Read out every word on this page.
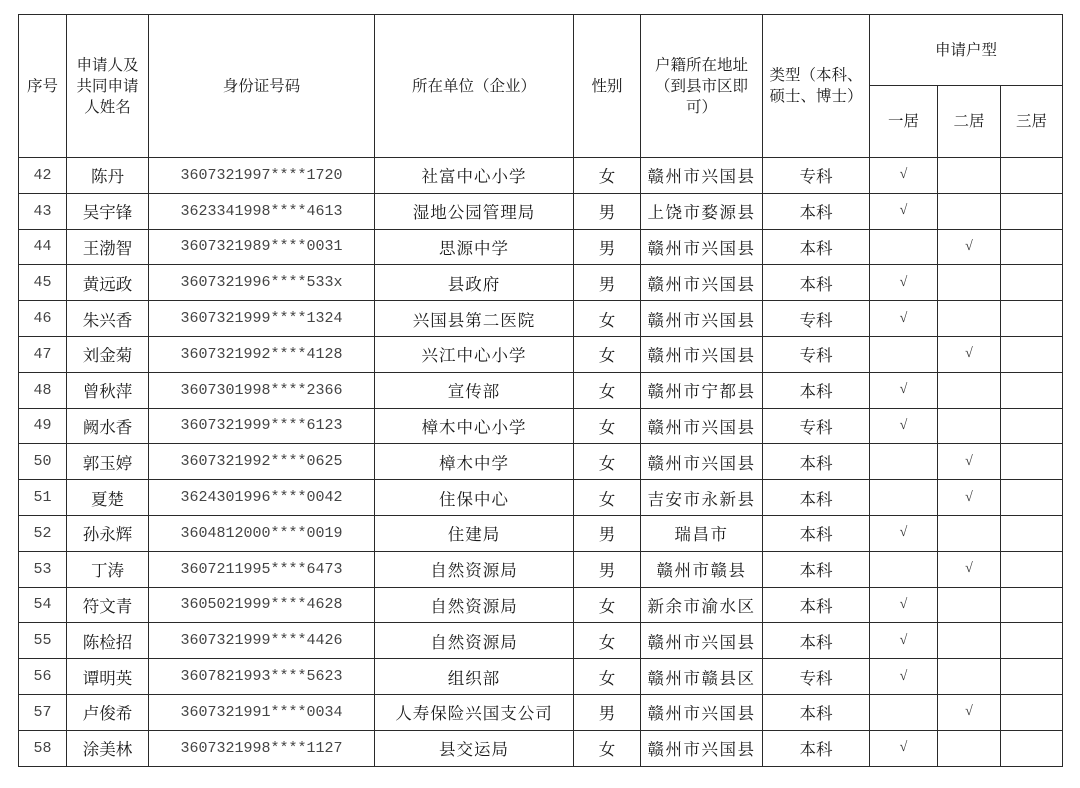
序号	申请人及
共同申请
人姓名	身份证号码	所在单位（企业）	性别	户籍所在地址
（到县市区即
可）	类型（本科、
硕士、博士）	申请户型		
							一居	二居	三居
42	陈丹	3607321997****1720	社富中心小学	女	赣州市兴国县	专科	√		
43	吴宇锋	3623341998****4613	湿地公园管理局	男	上饶市婺源县	本科	√		
44	王渤智	3607321989****0031	思源中学	男	赣州市兴国县	本科		√	
45	黄远政	3607321996****533x	县政府	男	赣州市兴国县	本科	√		
46	朱兴香	3607321999****1324	兴国县第二医院	女	赣州市兴国县	专科	√		
47	刘金菊	3607321992****4128	兴江中心小学	女	赣州市兴国县	专科		√	
48	曾秋萍	3607301998****2366	宣传部	女	赣州市宁都县	本科	√		
49	阙水香	3607321999****6123	樟木中心小学	女	赣州市兴国县	专科	√		
50	郭玉婷	3607321992****0625	樟木中学	女	赣州市兴国县	本科		√	
51	夏楚	3624301996****0042	住保中心	女	吉安市永新县	本科		√	
52	孙永辉	3604812000****0019	住建局	男	瑞昌市	本科	√		
53	丁涛	3607211995****6473	自然资源局	男	赣州市赣县	本科		√	
54	符文青	3605021999****4628	自然资源局	女	新余市渝水区	本科	√		
55	陈检招	3607321999****4426	自然资源局	女	赣州市兴国县	本科	√		
56	谭明英	3607821993****5623	组织部	女	赣州市赣县区	专科	√		
57	卢俊希	3607321991****0034	人寿保险兴国支公司	男	赣州市兴国县	本科		√	
58	涂美林	3607321998****1127	县交运局	女	赣州市兴国县	本科	√		
